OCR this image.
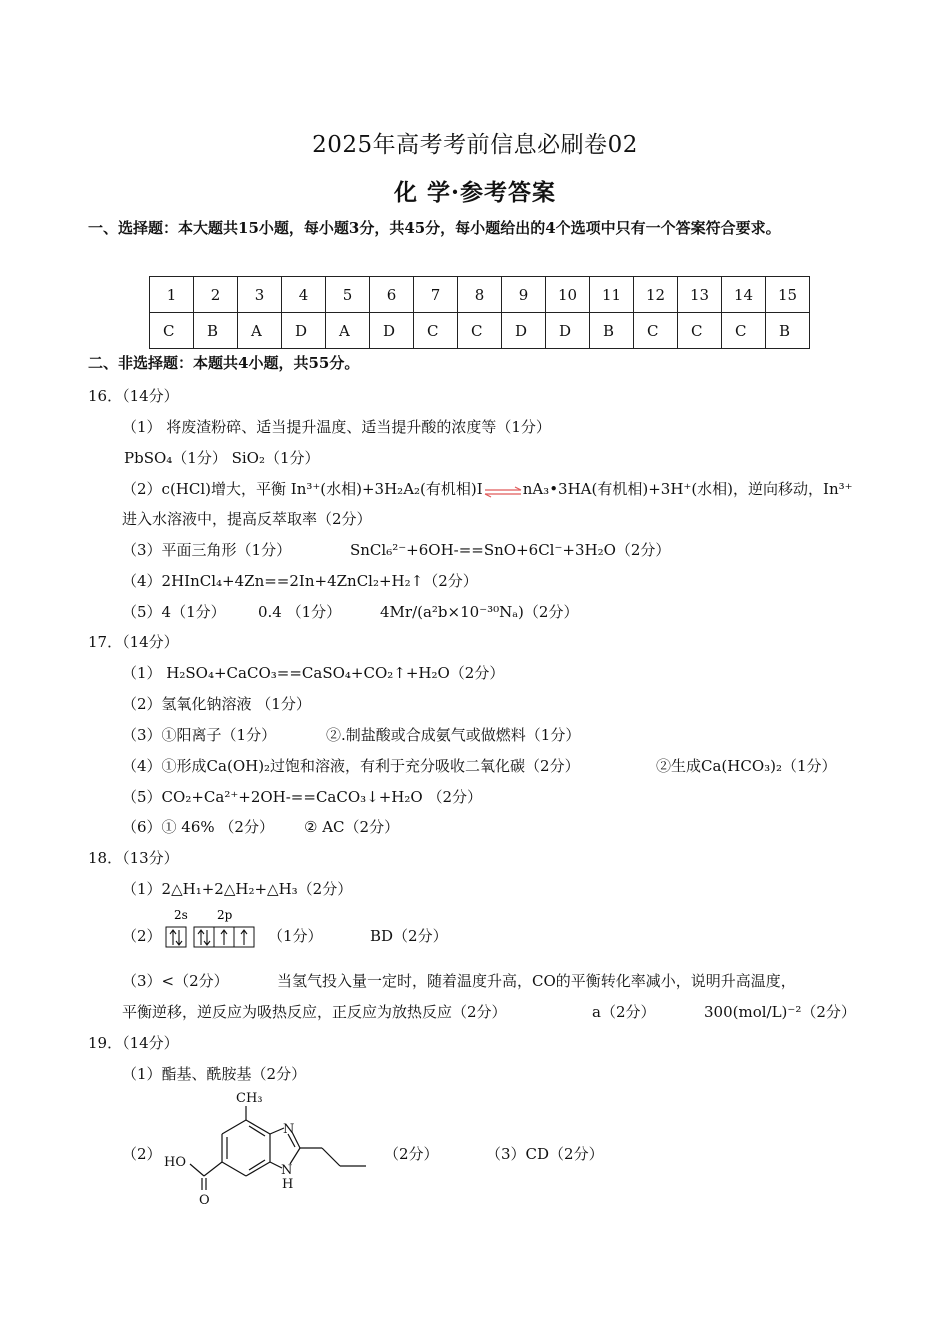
2025年高考考前信息必刷卷02
化 学·参考答案
一、选择题：本大题共15小题，每小题3分，共45分，每小题给出的4个选项中只有一个答案符合要求。
1	2	3	4	5	6	7	8	9	10	11	12	13	14	15
C	B	A	D	A	D	C	C	D	D	B	C	C	C	B
二、非选择题：本题共4小题，共55分。
16．（14分）
（1） 将废渣粉碎、适当提升温度、适当提升酸的浓度等（1分）
PbSO₄（1分） SiO₂（1分）
（2）c(HCl)增大，平衡 In³⁺(水相)+3H₂A₂(有机相)I⇌nA₃•3HA(有机相)+3H⁺(水相)，逆向移动，In³⁺
进入水溶液中，提高反萃取率（2分）
（3）平面三角形（1分）	SnCl₆²⁻+6OH-==SnO+6Cl⁻+3H₂O（2分）
（4）2HInCl₄+4Zn==2In+4ZnCl₂+H₂↑（2分）
（5）4（1分） 0.4 （1分）	4Mr/(a²b×10⁻³⁰Nₐ)（2分）
17．（14分）
（1） H₂SO₄+CaCO₃==CaSO₄+CO₂↑+H₂O（2分）
（2）氢氧化钠溶液 （1分）
（3）①阳离子（1分）	②.制盐酸或合成氨气或做燃料（1分）
（4）①形成Ca(OH)₂过饱和溶液，有利于充分吸收二氧化碳（2分）	②生成Ca(HCO₃)₂（1分）
（5）CO₂+Ca²⁺+2OH-==CaCO₃↓+H₂O （2分）
（6）① 46% （2分） ② AC（2分）
18．（13分）
（1）2△H₁+2△H₂+△H₃（2分）
（2）
2s 2p
（1分）	BD（2分）
（3）<（2分）	当氢气投入量一定时，随着温度升高，CO的平衡转化率减小，说明升高温度，
平衡逆移，逆反应为吸热反应，正反应为放热反应（2分）	a（2分）	300(mol/L)⁻²（2分）
19．（14分）
（1）酯基、酰胺基（2分）
（2）
CH₃
N
N
H
HO
O
（2分）	（3）CD（2分）
